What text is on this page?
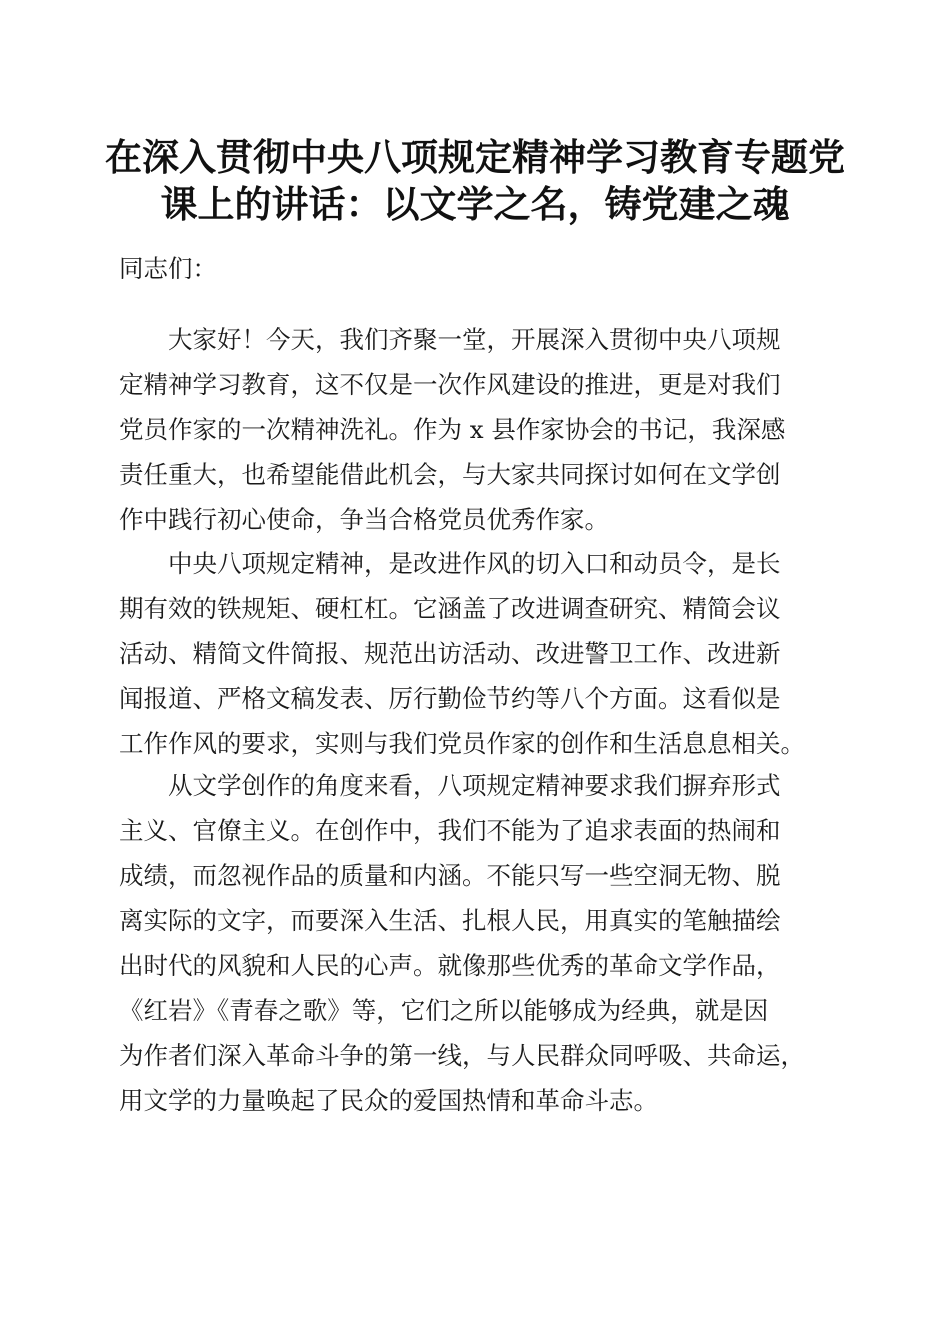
在深入贯彻中央八项规定精神学习教育专题党
课上的讲话：以文学之名，铸党建之魂
同志们：
大家好！今天，我们齐聚一堂，开展深入贯彻中央八项规
定精神学习教育，这不仅是一次作风建设的推进，更是对我们
党员作家的一次精神洗礼。作为 x 县作家协会的书记，我深感
责任重大，也希望能借此机会，与大家共同探讨如何在文学创
作中践行初心使命，争当合格党员优秀作家。
中央八项规定精神，是改进作风的切入口和动员令，是长
期有效的铁规矩、硬杠杠。它涵盖了改进调查研究、精简会议
活动、精简文件简报、规范出访活动、改进警卫工作、改进新
闻报道、严格文稿发表、厉行勤俭节约等八个方面。这看似是
工作作风的要求，实则与我们党员作家的创作和生活息息相关。
从文学创作的角度来看，八项规定精神要求我们摒弃形式
主义、官僚主义。在创作中，我们不能为了追求表面的热闹和
成绩，而忽视作品的质量和内涵。不能只写一些空洞无物、脱
离实际的文字，而要深入生活、扎根人民，用真实的笔触描绘
出时代的风貌和人民的心声。就像那些优秀的革命文学作品，
《红岩》《青春之歌》等，它们之所以能够成为经典，就是因
为作者们深入革命斗争的第一线，与人民群众同呼吸、共命运，
用文学的力量唤起了民众的爱国热情和革命斗志。
